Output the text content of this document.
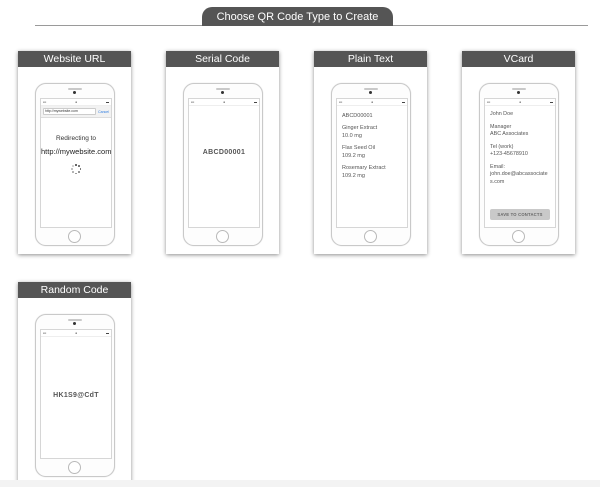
Choose QR Code Type to Create Batch
Website URL
▪▪▪	●	▬
http://mywebsite.com	Cancel
Redirecting to
http://mywebsite.com
Serial Code
▪▪▪	●	▬
ABCD00001
Plain Text
▪▪▪	●	▬
ABCD00001
Ginger Extract
10.0 mg
Flax Seed Oil
109.2 mg
Rosemary Extract
109.2 mg
VCard
▪▪▪	●	▬
John Doe
Manager
ABC Associates
Tel (work)
+123-45678910
Email:
john.doe@abcassociates.com
SAVE TO CONTACTS
Random Code
▪▪▪	●	▬
HK1S9@CdT
